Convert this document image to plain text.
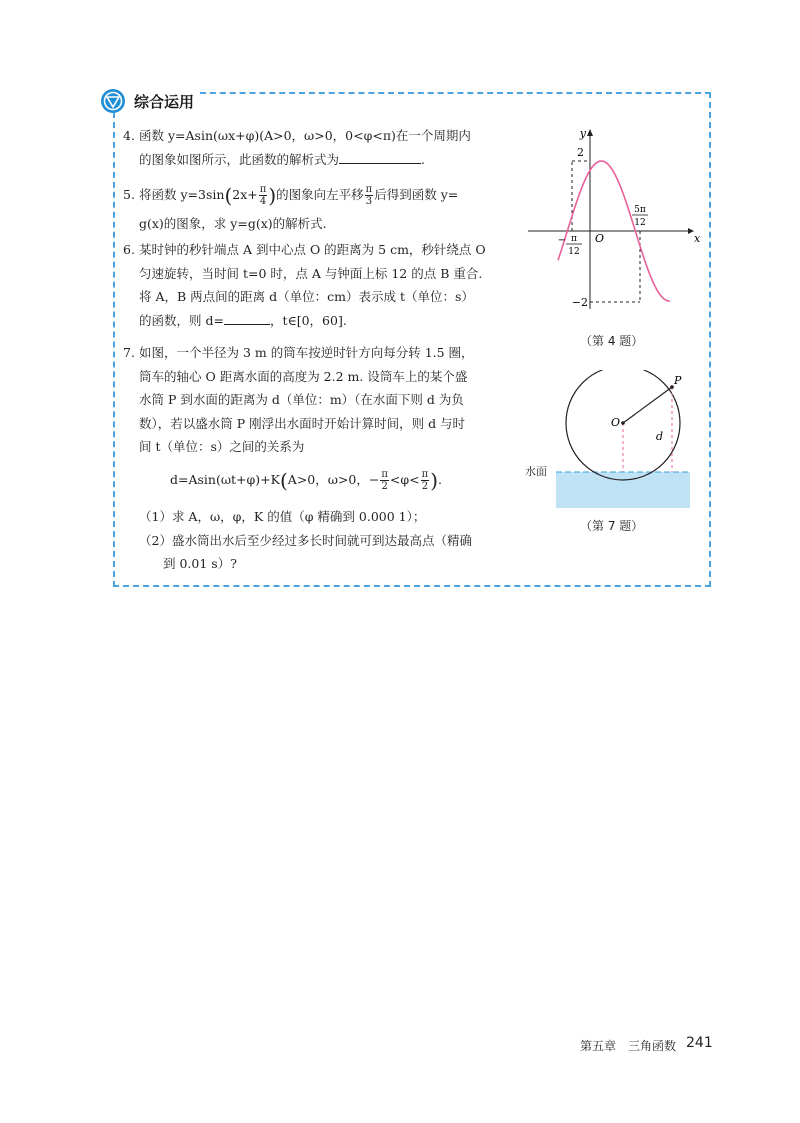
综合运用
4. 函数 y=Asin(ωx+φ)(A>0，ω>0，0<φ<π)在一个周期内
的图象如图所示，此函数的解析式为	.
5. 将函数 $y=3\sin(2x+ \frac{\pi}{4}$ )的图象向左平移 $\frac{\pi}{3}$ 后得到函数 y=
g(x)的图象，求 y=g(x)的解析式.
6. 某时钟的秒针端点 A 到中心点 O 的距离为 5 cm，秒针绕点 O
匀速旋转，当时间 t=0 时，点 A 与钟面上标 12 的点 B 重合.
将 A，B 两点间的距离 d（单位：cm）表示成 t（单位：s）
的函数，则 d=	，t∈[0，60].
7. 如图，一个半径为 3 m 的筒车按逆时针方向每分转 1.5 圈，
筒车的轴心 O 距离水面的高度为 2.2 m. 设筒车上的某个盛
水筒 P 到水面的距离为 d（单位：m）（在水面下则 d 为负
数），若以盛水筒 P 刚浮出水面时开始计算时间，则 d 与时
间 t（单位：s）之间的关系为
d=Asin(ωt+φ)+K(A>0，ω>0，− $\frac{\pi}{2} <\varphi< \frac{\pi}{2}$ ).
（1）求 A，ω，φ，K 的值（φ 精确到 0.000 1）；
（2）盛水筒出水后至少经过多长时间就可到达最高点（精确
到 0.01 s）?
y
x
O
2
−2
− π
12
5π
12
（第 4 题）
O
P
d
水面
（第 7 题）
第五章　三角函数 241
